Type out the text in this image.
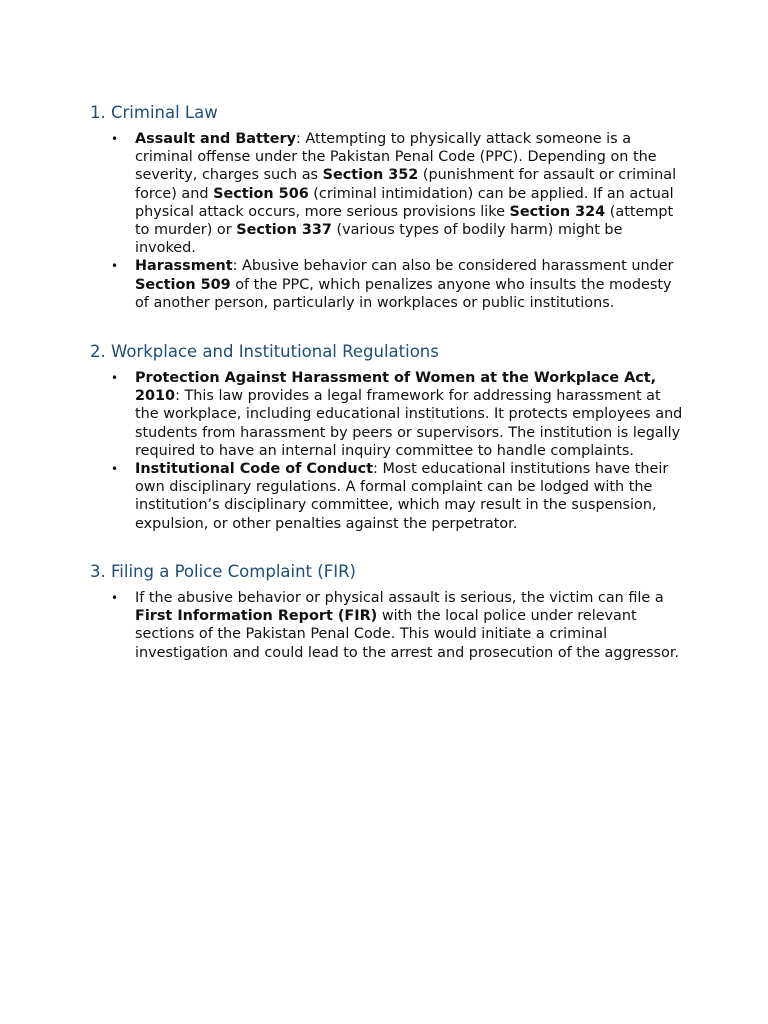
1. Criminal Law
• Assault and Battery: Attempting to physically attack someone is a criminal offense under the Pakistan Penal Code (PPC). Depending on the severity, charges such as Section 352 (punishment for assault or criminal force) and Section 506 (criminal intimidation) can be applied. If an actual physical attack occurs, more serious provisions like Section 324 (attempt to murder) or Section 337 (various types of bodily harm) might be invoked.
• Harassment: Abusive behavior can also be considered harassment under Section 509 of the PPC, which penalizes anyone who insults the modesty of another person, particularly in workplaces or public institutions.
2. Workplace and Institutional Regulations
• Protection Against Harassment of Women at the Workplace Act, 2010: This law provides a legal framework for addressing harassment at the workplace, including educational institutions. It protects employees and students from harassment by peers or supervisors. The institution is legally required to have an internal inquiry committee to handle complaints.
• Institutional Code of Conduct: Most educational institutions have their own disciplinary regulations. A formal complaint can be lodged with the institution’s disciplinary committee, which may result in the suspension, expulsion, or other penalties against the perpetrator.
3. Filing a Police Complaint (FIR)
• If the abusive behavior or physical assault is serious, the victim can file a First Information Report (FIR) with the local police under relevant sections of the Pakistan Penal Code. This would initiate a criminal investigation and could lead to the arrest and prosecution of the aggressor.
